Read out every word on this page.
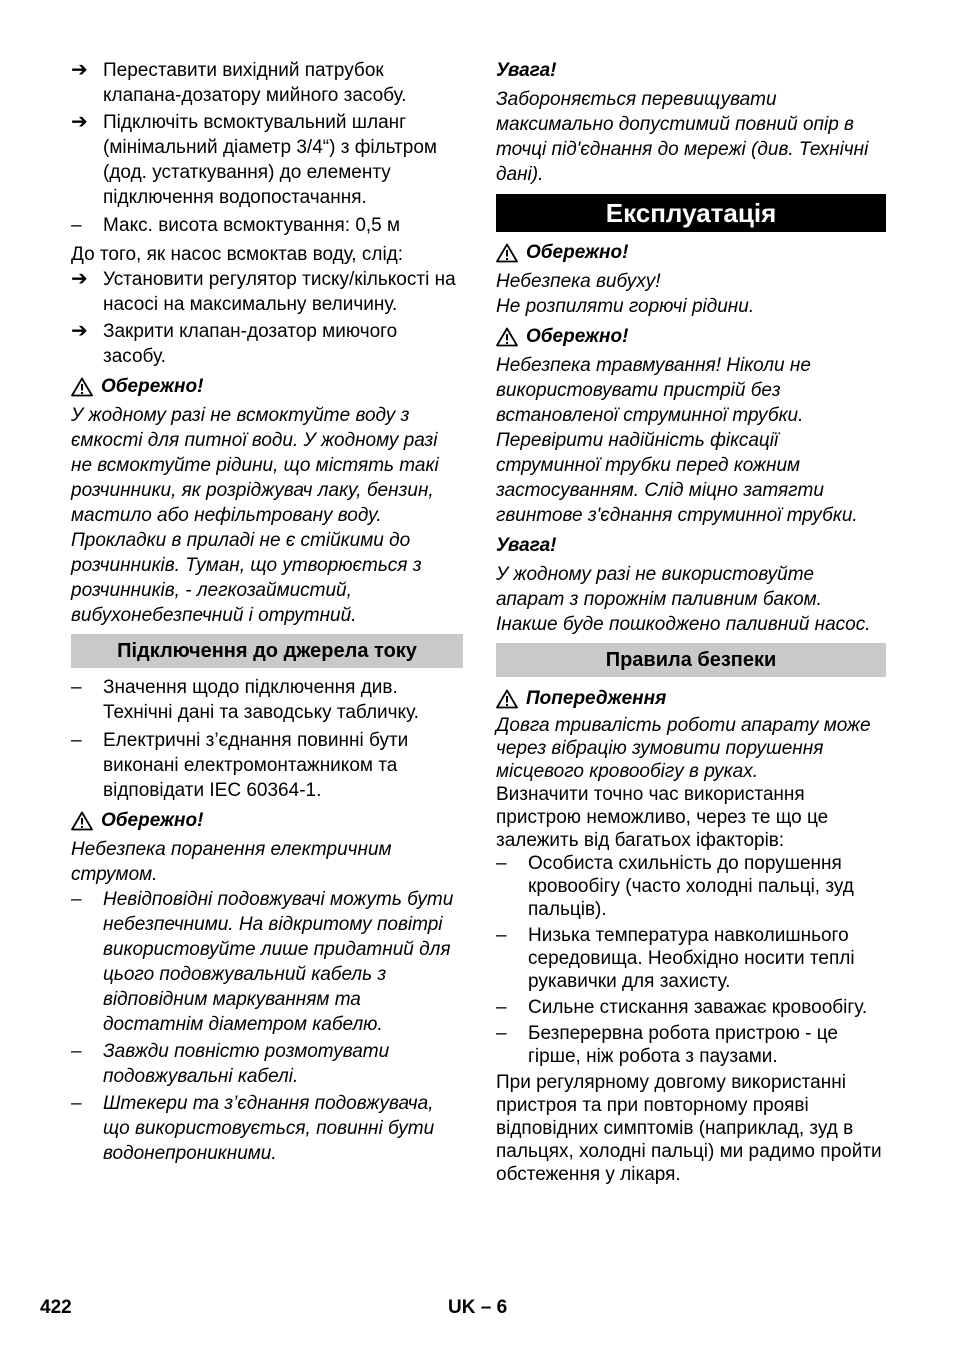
➔ Переставити вихідний патрубок клапана-дозатору мийного засобу.
➔ Підключіть всмоктувальний шланг (мінімальний діаметр 3/4“) з фільтром (дод. устаткування) до елементу підключення водопостачання.
–	Макс. висота всмоктування: 0,5 м

До того, як насос всмоктав воду, слід:

➔ Установити регулятор тиску/кількості на насосі на максимальну величину.
➔ Закрити клапан-дозатор миючого засобу.
Обережно!

У жодному разі не всмоктуйте воду з ємкості для питної води. У жодному разі не всмоктуйте рідини, що містять такі розчинники, як розріджувач лаку, бензин, мастило або нефільтровану воду. Прокладки в приладі не є стійкими до розчинників. Туман, що утворюється з розчинників, - легкозаймистий, вибухонебезпечний і отрутний.

Підключення до джерела току
–	Значення щодо підключення див. Технічні дані та заводську табличку.
–	Електричні з’єднання повинні бути виконані електромонтажником та відповідати IEC 60364-1.
Обережно!

Небезпека поранення електричним струмом.

–	Невідповідні подовжувачі можуть бути небезпечними. На відкритому повітрі використовуйте лише придатний для цього подовжувальний кабель з відповідним маркуванням та достатнім діаметром кабелю.
–	Завжди повністю розмотувати подовжувальні кабелі.
–	Штекери та з’єднання подовжувача, що використовується, повинні бути водонепроникними.

Увага!

Забороняється перевищувати максимально допустимий повний опір в точці під'єднання до мережі (див. Технічні дані).

Експлуатація
Обережно!

Небезпека вибуху!

Не розпиляти горючі рідини.

Обережно!

Небезпека травмування! Ніколи не використовувати пристрій без встановленої струминної трубки. Перевірити надійність фіксації струминної трубки перед кожним застосуванням. Слід міцно затягти гвинтове з'єднання струминної трубки.

Увага!

У жодному разі не використовуйте апарат з порожнім паливним баком. Інакше буде пошкоджено паливний насос.

Правила безпеки
Попередження

Довга тривалість роботи апарату може через вібрацію зумовити порушення місцевого кровообігу в руках.

Визначити точно час використання пристрою неможливо, через те що це залежить від багатьох іфакторів:

–	Особиста схильність до порушення кровообігу (часто холодні пальці, зуд пальців).
–	Низька температура навколишнього середовища. Необхідно носити теплі рукавички для захисту.
–	Сильне стискання заважає кровообігу.
–	Безперервна робота пристрою - це гірше, ніж робота з паузами.

При регулярному довгому використанні пристроя та при повторному прояві відповідних симптомів (наприклад, зуд в пальцях, холодні пальці) ми радимо пройти обстеження у лікаря.

422	UK – 6
